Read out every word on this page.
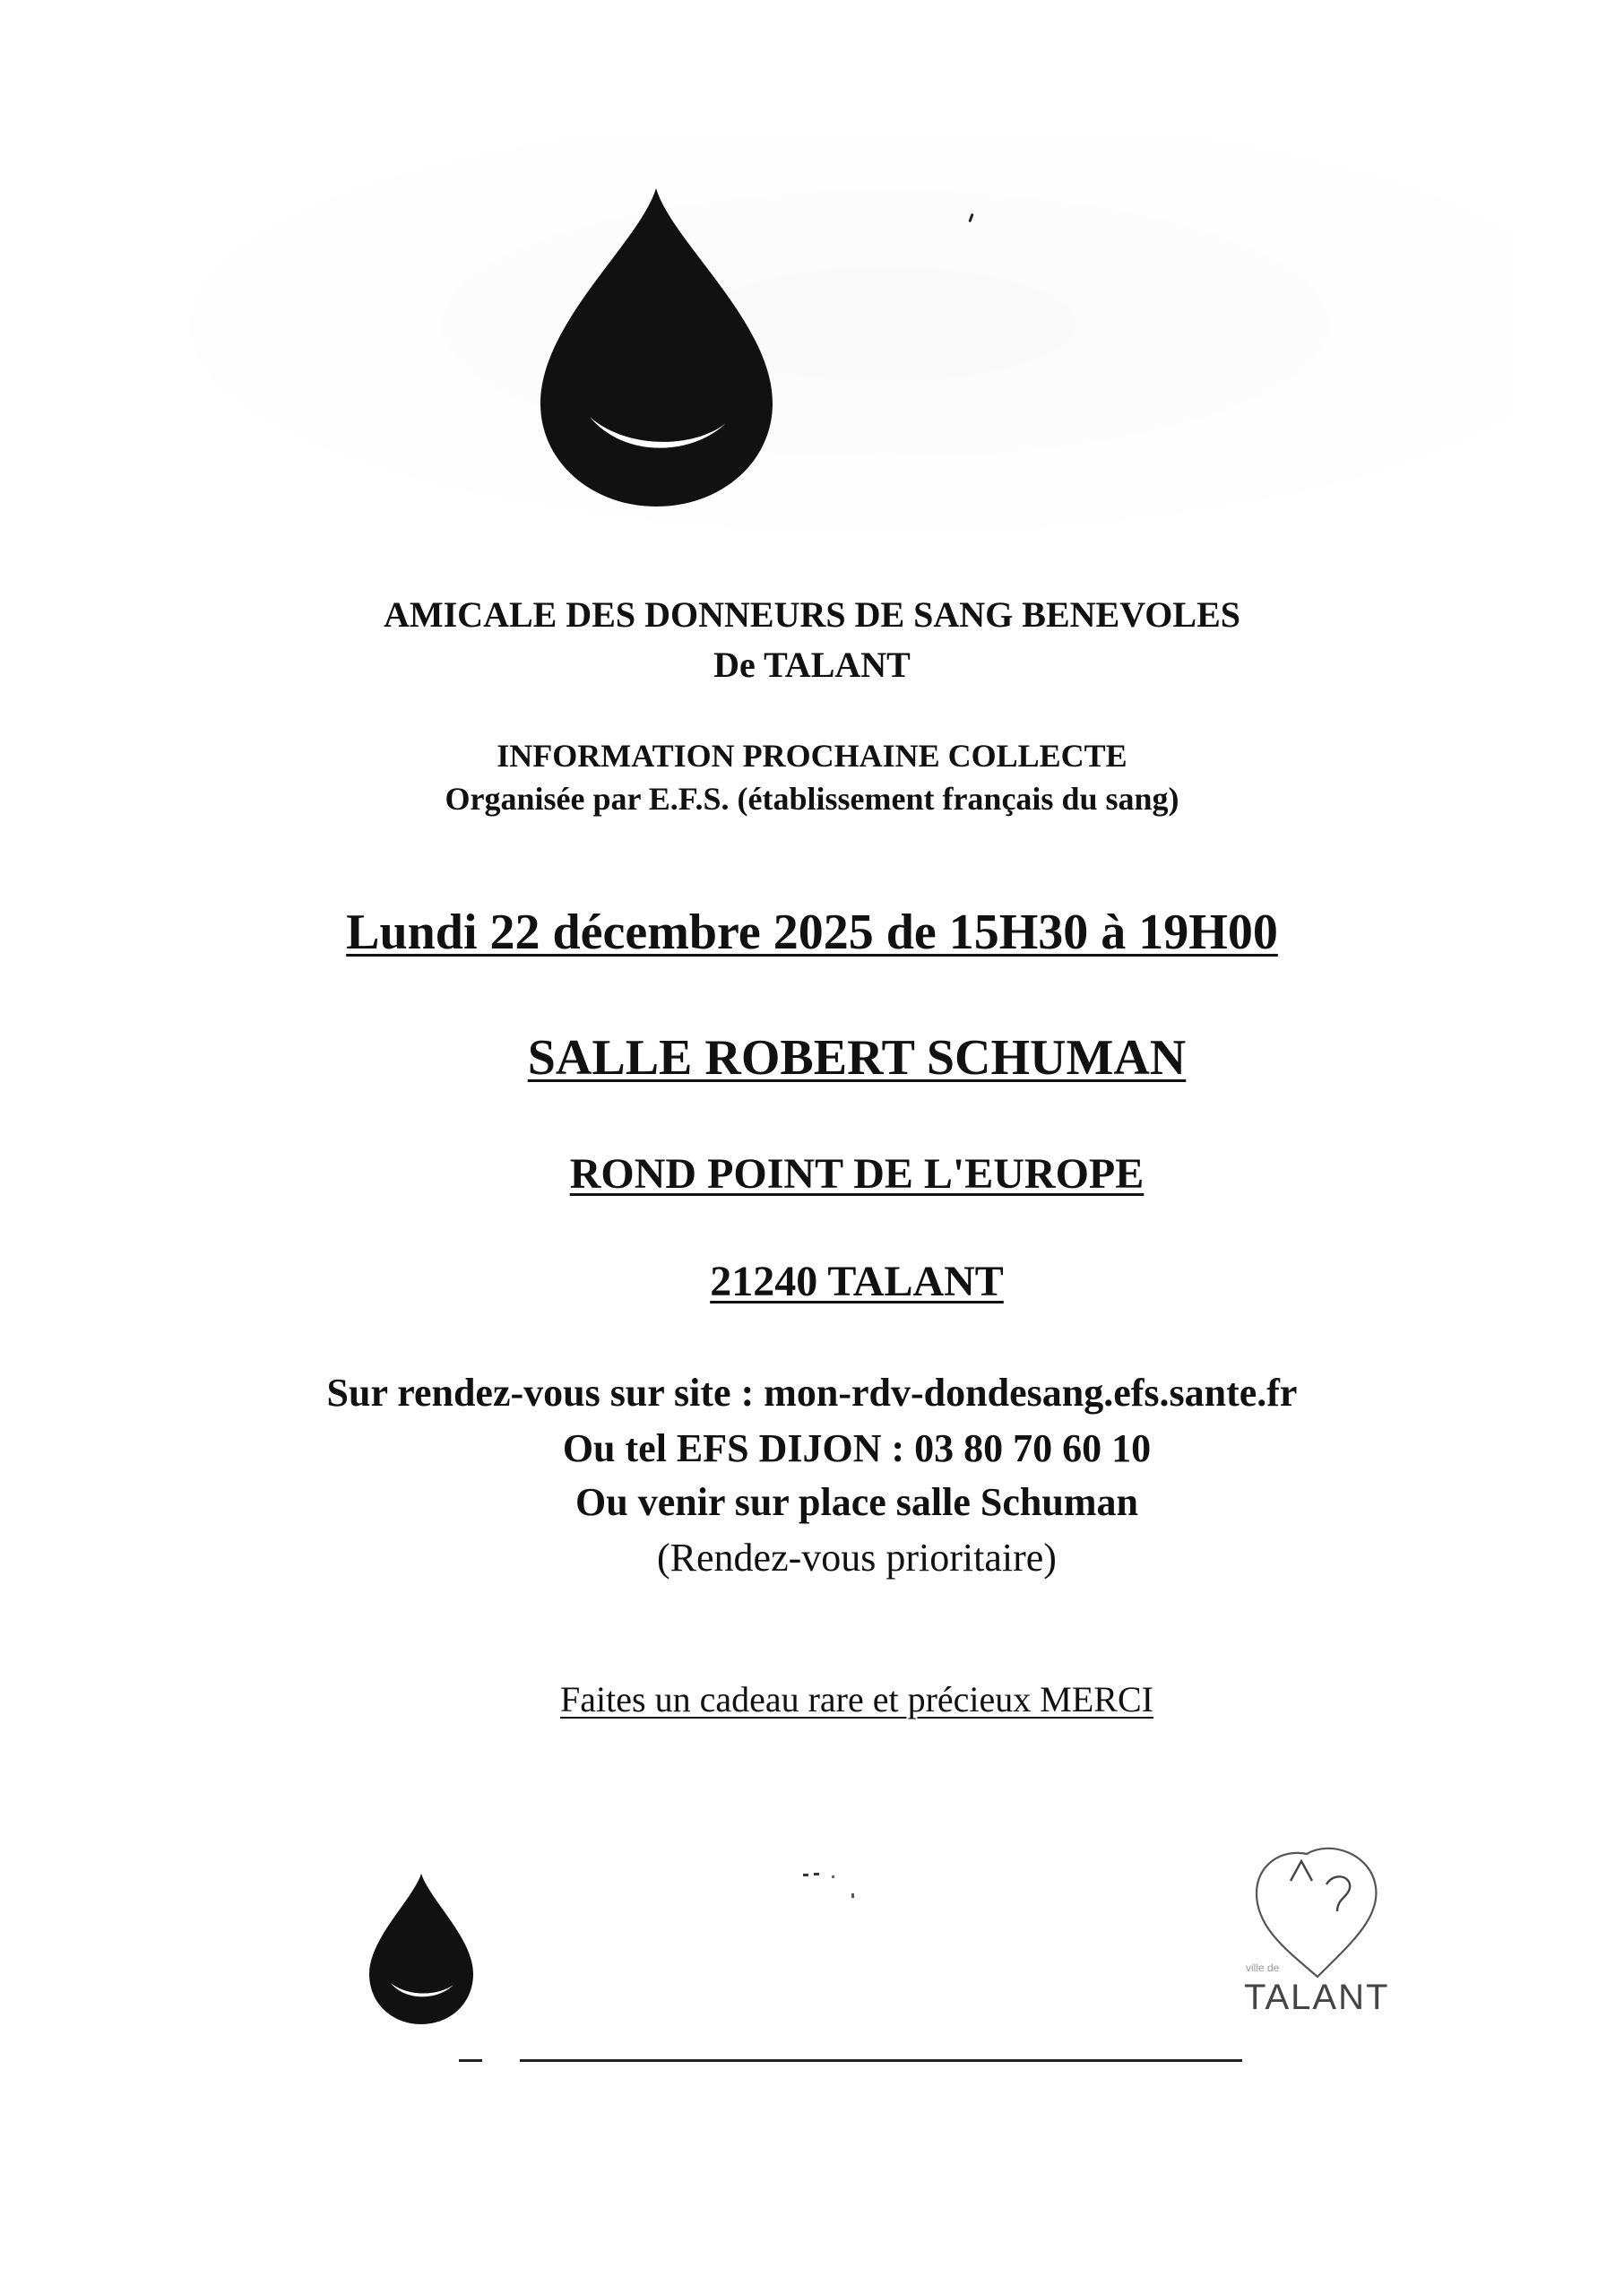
AMICALE DES DONNEURS DE SANG BENEVOLES

De TALANT

INFORMATION PROCHAINE COLLECTE

Organisée par E.F.S. (établissement français du sang)

Lundi 22 décembre 2025 de 15H30 à 19H00

SALLE ROBERT SCHUMAN

ROND POINT DE L'EUROPE

21240 TALANT

Sur rendez-vous sur site : mon-rdv-dondesang.efs.sante.fr

Ou tel EFS DIJON : 03 80 70 60 10

Ou venir sur place salle Schuman

(Rendez-vous prioritaire)

Faites un cadeau rare et précieux MERCI

ville de

TALANT
